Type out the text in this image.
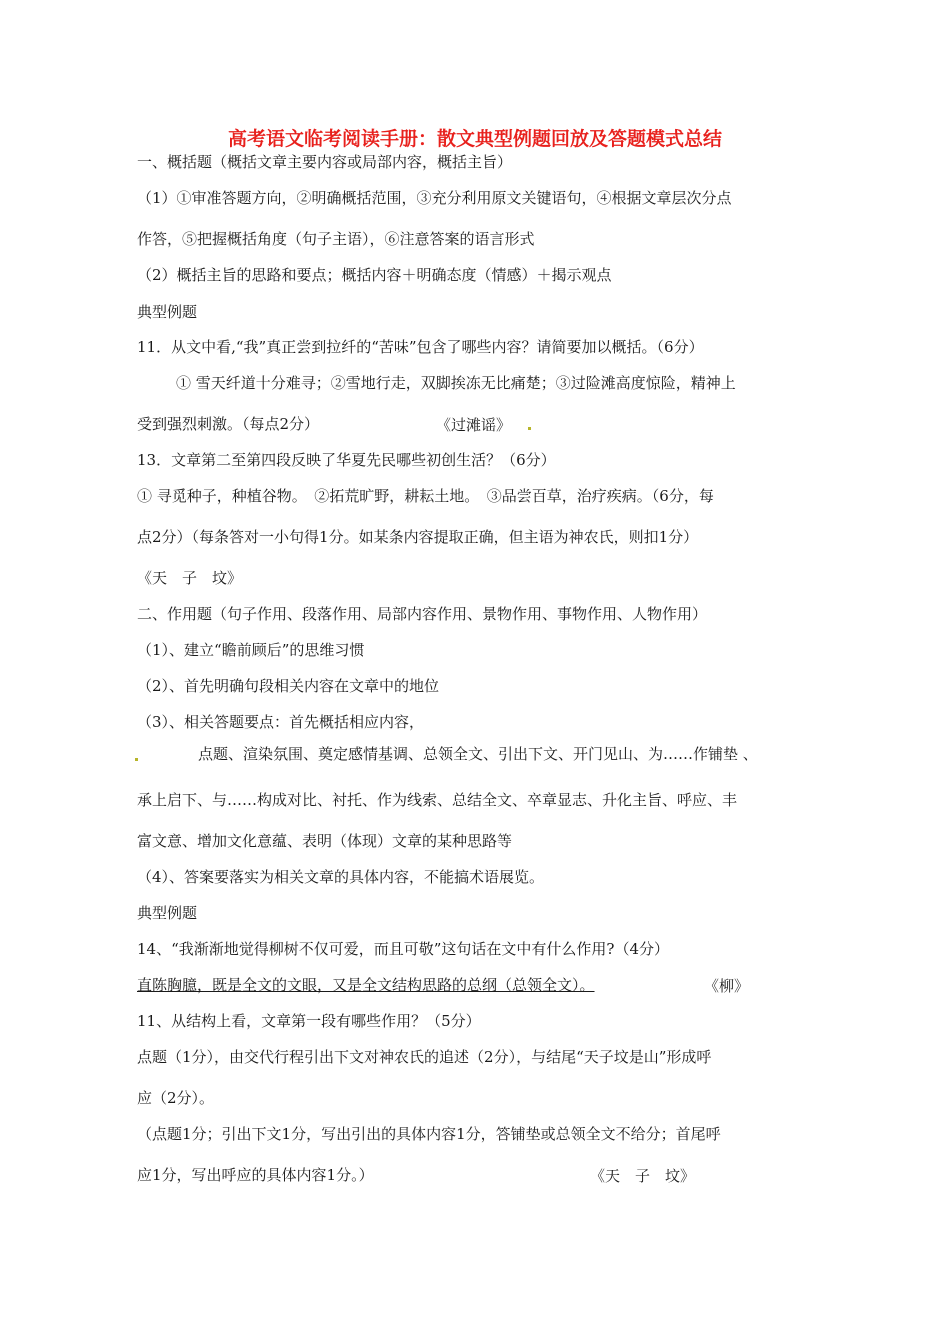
高考语文临考阅读手册：散文典型例题回放及答题模式总结
一、概括题（概括文章主要内容或局部内容，概括主旨）
（1）①审准答题方向，②明确概括范围，③充分利用原文关键语句，④根据文章层次分点
作答，⑤把握概括角度（句子主语），⑥注意答案的语言形式
（2）概括主旨的思路和要点；概括内容＋明确态度（情感）＋揭示观点
典型例题
11．从文中看,“我”真正尝到拉纤的“苦味”包含了哪些内容？请简要加以概括。（6分）
① 雪天纤道十分难寻；②雪地行走，双脚挨冻无比痛楚；③过险滩高度惊险，精神上
受到强烈刺激。（每点2分）	《过滩谣》
13．文章第二至第四段反映了华夏先民哪些初创生活？（6分）
① 寻觅种子，种植谷物。　②拓荒旷野，耕耘土地。　③品尝百草，治疗疾病。（6分，每
点2分）（每条答对一小句得1分。如某条内容提取正确，但主语为神农氏，则扣1分）
《天　子　坟》
二、作用题（句子作用、段落作用、局部内容作用、景物作用、事物作用、人物作用）
（1）、建立“瞻前顾后”的思维习惯
（2）、首先明确句段相关内容在文章中的地位
（3）、相关答题要点：首先概括相应内容，
点题、渲染氛围、奠定感情基调、总领全文、引出下文、开门见山、为……作铺垫 、
承上启下、与……构成对比、衬托、作为线索、总结全文、卒章显志、升化主旨、呼应、丰
富文意、增加文化意蕴、表明（体现）文章的某种思路等
（4）、答案要落实为相关文章的具体内容，不能搞术语展览。
典型例题
14、“我渐渐地觉得柳树不仅可爱，而且可敬”这句话在文中有什么作用?（4分）
直陈胸臆，既是全文的文眼，又是全文结构思路的总纲（总领全文）。	《柳》
11、从结构上看，文章第一段有哪些作用？（5分）
点题（1分），由交代行程引出下文对神农氏的追述（2分），与结尾“天子坟是山”形成呼
应（2分）。
（点题1分；引出下文1分，写出引出的具体内容1分，答铺垫或总领全文不给分；首尾呼
应1分，写出呼应的具体内容1分。）	《天　子　坟》
